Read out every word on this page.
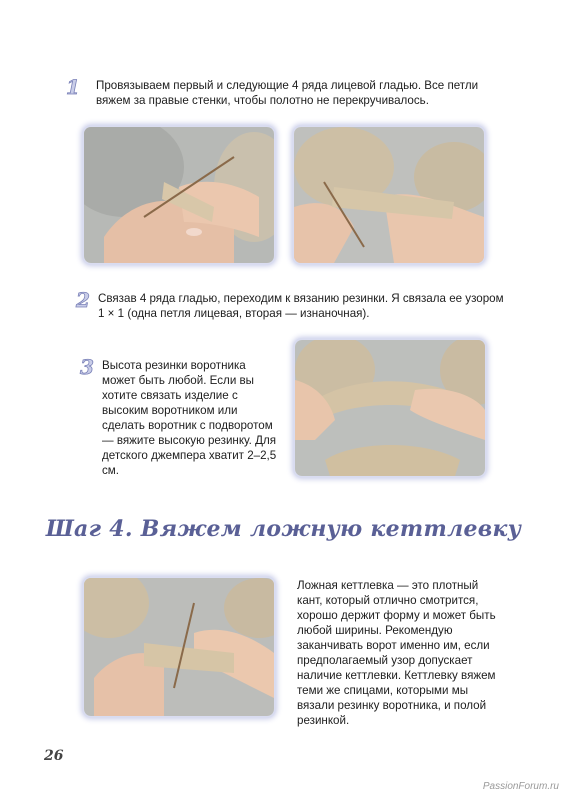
1 Провязываем первый и следующие 4 ряда лицевой гладью. Все петли вяжем за правые стенки, чтобы полотно не перекручивалось.
2 Связав 4 ряда гладью, переходим к вязанию резинки. Я связала ее узором 1 × 1 (одна петля лицевая, вторая — изнаночная).
3 Высота резинки воротника может быть любой. Если вы хотите связать изделие с высоким воротником или сделать воротник с подворотом — вяжите высокую резинку. Для детского джемпера хватит 2–2,5 см.
Шаг 4. Вяжем ложную кеттлевку
Ложная кеттлевка — это плотный кант, который отлично смотрится, хорошо держит форму и может быть любой ширины. Рекомендую заканчивать ворот именно им, если предполагаемый узор допускает наличие кеттлевки. Кеттлевку вяжем теми же спицами, которыми мы вязали резинку воротника, и полой резинкой.
26
PassionForum.ru
